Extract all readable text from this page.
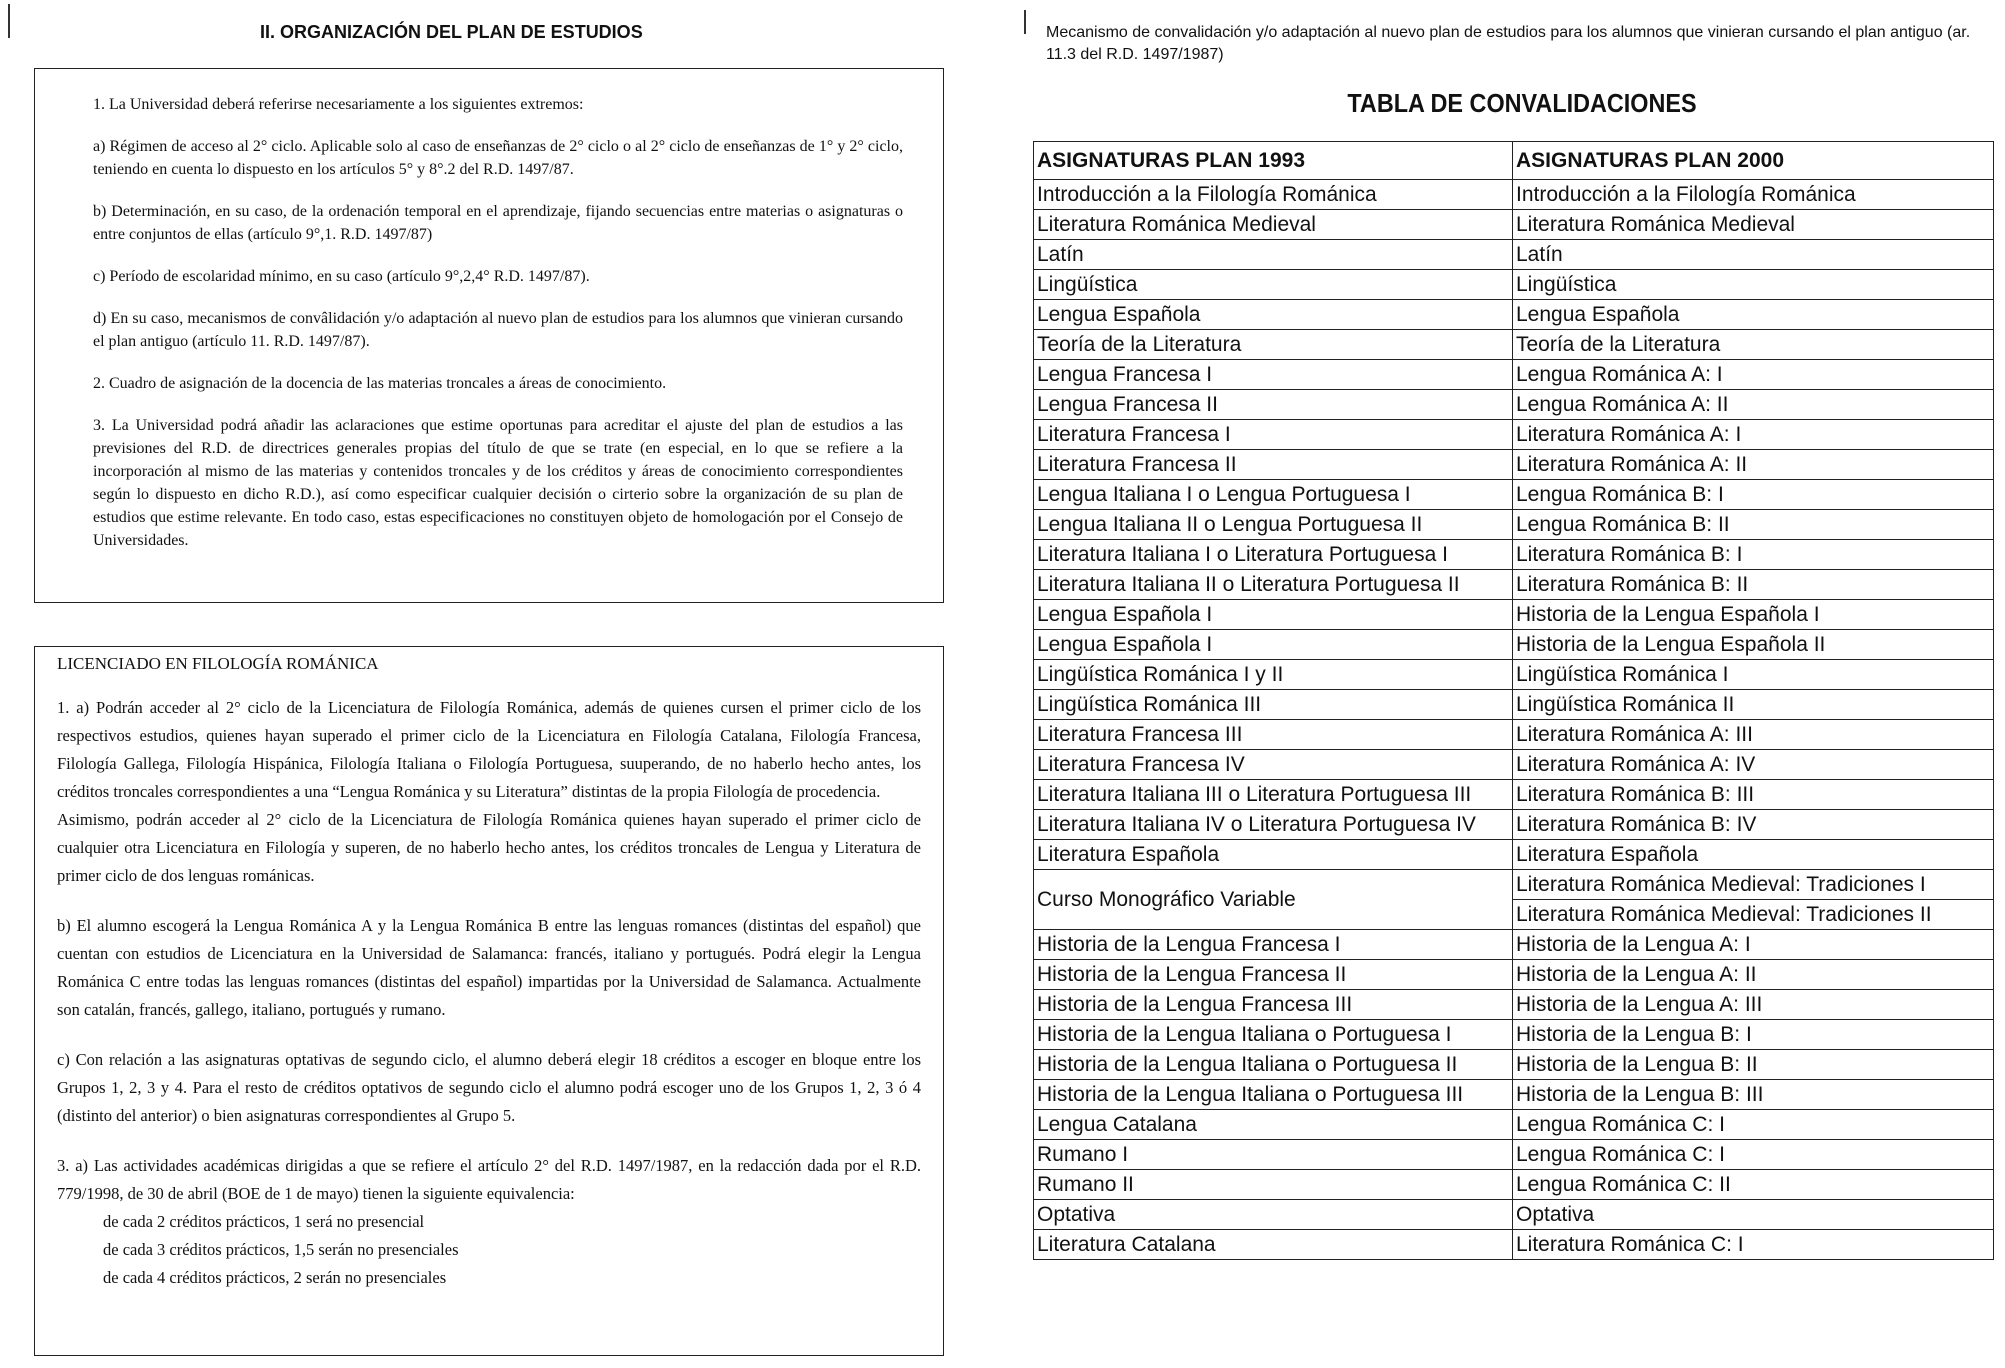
II. ORGANIZACIÓN DEL PLAN DE ESTUDIOS

1. La Universidad deberá referirse necesariamente a los siguientes extremos:

a) Régimen de acceso al 2° ciclo. Aplicable solo al caso de enseñanzas de 2° ciclo o al 2° ciclo de enseñanzas de 1° y 2° ciclo, teniendo en cuenta lo dispuesto en los artículos 5° y 8°.2 del R.D. 1497/87.

b) Determinación, en su caso, de la ordenación temporal en el aprendizaje, fijando secuencias entre materias o asignaturas o entre conjuntos de ellas (artículo 9°,1. R.D. 1497/87)

c) Período de escolaridad mínimo, en su caso (artículo 9°,2,4° R.D. 1497/87).

d) En su caso, mecanismos de convâlidación y/o adaptación al nuevo plan de estudios para los alumnos que vinieran cursando el plan antiguo (artículo 11. R.D. 1497/87).

2. Cuadro de asignación de la docencia de las materias troncales a áreas de conocimiento.

3. La Universidad podrá añadir las aclaraciones que estime oportunas para acreditar el ajuste del plan de estudios a las previsiones del R.D. de directrices generales propias del título de que se trate (en especial, en lo que se refiere a la incorporación al mismo de las materias y contenidos troncales y de los créditos y áreas de conocimiento correspondientes según lo dispuesto en dicho R.D.), así como especificar cualquier decisión o cirterio sobre la organización de su plan de estudios que estime relevante. En todo caso, estas especificaciones no constituyen objeto de homologación por el Consejo de Universidades.

LICENCIADO EN FILOLOGÍA ROMÁNICA

1. a) Podrán acceder al 2° ciclo de la Licenciatura de Filología Románica, además de quienes cursen el primer ciclo de los respectivos estudios, quienes hayan superado el primer ciclo de la Licenciatura en Filología Catalana, Filología Francesa, Filología Gallega, Filología Hispánica, Filología Italiana o Filología Portuguesa, suuperando, de no haberlo hecho antes, los créditos troncales correspondientes a una “Lengua Románica y su Literatura” distintas de la propia Filología de procedencia.

Asimismo, podrán acceder al 2° ciclo de la Licenciatura de Filología Románica quienes hayan superado el primer ciclo de cualquier otra Licenciatura en Filología y superen, de no haberlo hecho antes, los créditos troncales de Lengua y Literatura de primer ciclo de dos lenguas románicas.

b) El alumno escogerá la Lengua Románica A y la Lengua Románica B entre las lenguas romances (distintas del español) que cuentan con estudios de Licenciatura en la Universidad de Salamanca: francés, italiano y portugués. Podrá elegir la Lengua Románica C entre todas las lenguas romances (distintas del español) impartidas por la Universidad de Salamanca. Actualmente son catalán, francés, gallego, italiano, portugués y rumano.

c) Con relación a las asignaturas optativas de segundo ciclo, el alumno deberá elegir 18 créditos a escoger en bloque entre los Grupos 1, 2, 3 y 4. Para el resto de créditos optativos de segundo ciclo el alumno podrá escoger uno de los Grupos 1, 2, 3 ó 4 (distinto del anterior) o bien asignaturas correspondientes al Grupo 5.

3. a) Las actividades académicas dirigidas a que se refiere el artículo 2° del R.D. 1497/1987, en la redacción dada por el R.D. 779/1998, de 30 de abril (BOE de 1 de mayo) tienen la siguiente equivalencia:

de cada 2 créditos prácticos, 1 será no presencial
de cada 3 créditos prácticos, 1,5 serán no presenciales
de cada 4 créditos prácticos, 2 serán no presenciales
Mecanismo de convalidación y/o adaptación al nuevo plan de estudios para los alumnos que vinieran cursando el plan antiguo (ar. 11.3 del R.D. 1497/1987)
TABLA DE CONVALIDACIONES
ASIGNATURAS PLAN 1993	ASIGNATURAS PLAN 2000
Introducción a la Filología Románica	Introducción a la Filología Románica
Literatura Románica Medieval	Literatura Románica Medieval
Latín	Latín
Lingüística	Lingüística
Lengua Española	Lengua Española
Teoría de la Literatura	Teoría de la Literatura
Lengua Francesa I	Lengua Románica A: I
Lengua Francesa II	Lengua Románica A: II
Literatura Francesa I	Literatura Románica A: I
Literatura Francesa II	Literatura Románica A: II
Lengua Italiana I o Lengua Portuguesa I	Lengua Románica B: I
Lengua Italiana II o Lengua Portuguesa II	Lengua Románica B: II
Literatura Italiana I o Literatura Portuguesa I	Literatura Románica B: I
Literatura Italiana II o Literatura Portuguesa II	Literatura Románica B: II
Lengua Española I	Historia de la Lengua Española I
Lengua Española I	Historia de la Lengua Española II
Lingüística Románica I y II	Lingüística Románica I
Lingüística Románica III	Lingüística Románica II
Literatura Francesa III	Literatura Románica A: III
Literatura Francesa IV	Literatura Románica A: IV
Literatura Italiana III o Literatura Portuguesa III	Literatura Románica B: III
Literatura Italiana IV o Literatura Portuguesa IV	Literatura Románica B: IV
Literatura Española	Literatura Española
Curso Monográfico Variable	Literatura Románica Medieval: Tradiciones I
	Literatura Románica Medieval: Tradiciones II
Historia de la Lengua Francesa I	Historia de la Lengua A: I
Historia de la Lengua Francesa II	Historia de la Lengua A: II
Historia de la Lengua Francesa III	Historia de la Lengua A: III
Historia de la Lengua Italiana o Portuguesa I	Historia de la Lengua B: I
Historia de la Lengua Italiana o Portuguesa II	Historia de la Lengua B: II
Historia de la Lengua Italiana o Portuguesa III	Historia de la Lengua B: III
Lengua Catalana	Lengua Románica C: I
Rumano I	Lengua Románica C: I
Rumano II	Lengua Románica C: II
Optativa	Optativa
Literatura Catalana	Literatura Románica C: I
